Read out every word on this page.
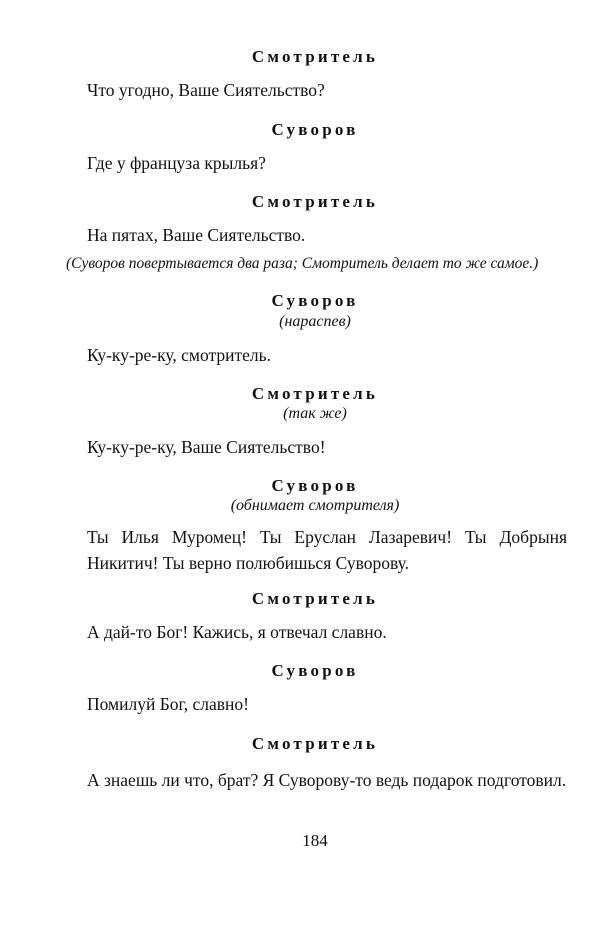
Смотритель
Что угодно, Ваше Сиятельство?
Суворов
Где у француза крылья?
Смотритель
На пятах, Ваше Сиятельство.
(Суворов повертывается два раза; Смотритель делает то же самое.)
Суворов
(нараспев)
Ку-ку-ре-ку, смотритель.
Смотритель
(так же)
Ку-ку-ре-ку, Ваше Сиятельство!
Суворов
(обнимает смотрителя)
Ты Илья Муромец! Ты Еруслан Лазаревич! Ты Добрыня Никитич! Ты верно полюбишься Суворову.
Смотритель
А дай-то Бог! Кажись, я отвечал славно.
Суворов
Помилуй Бог, славно!
Смотритель
А знаешь ли что, брат? Я Суворову-то ведь подарок подготовил.
184
